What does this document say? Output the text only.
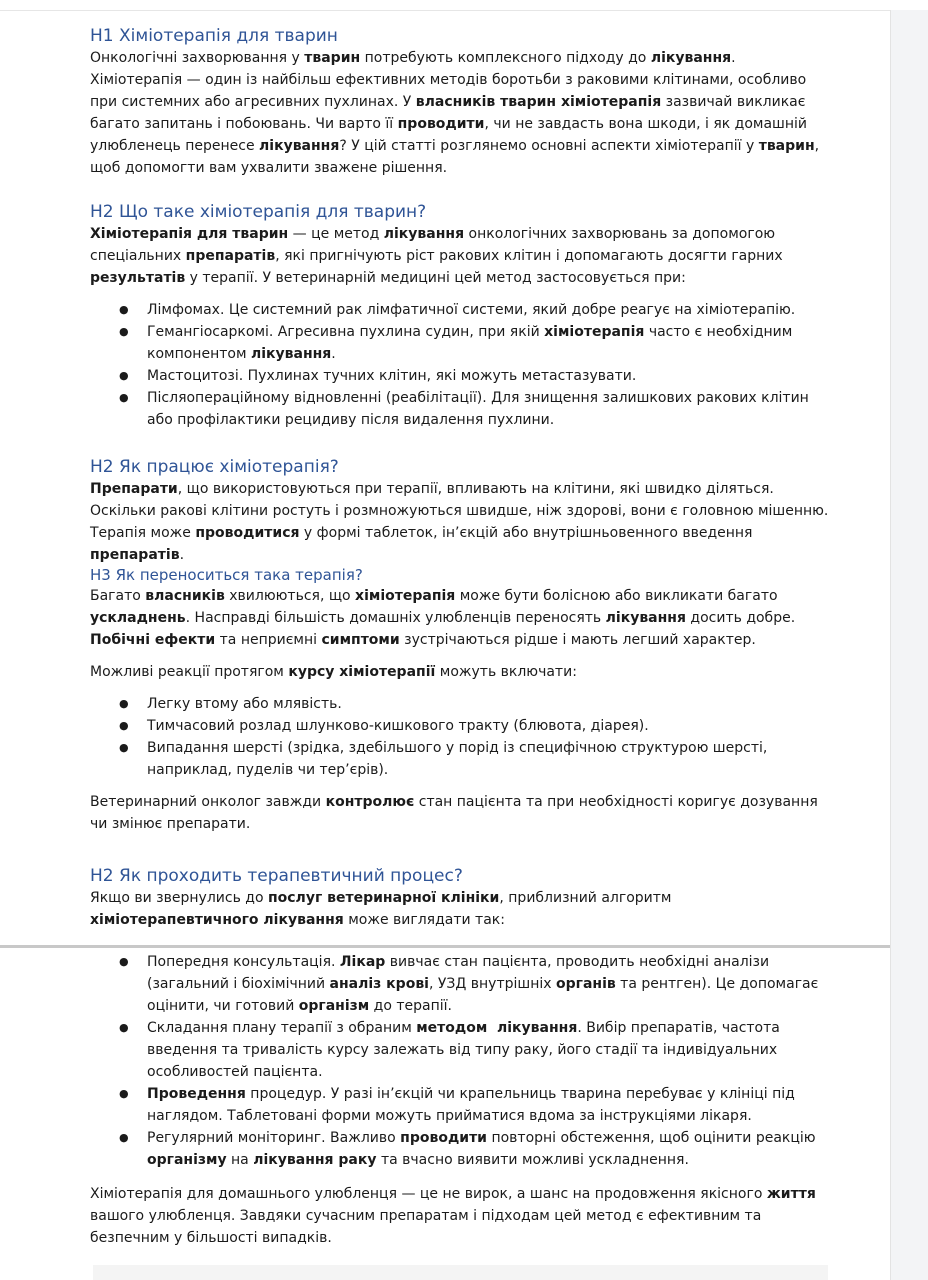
Н1 Хіміотерапія для тварин

Онкологічні захворювання у тварин потребують комплексного підходу до лікування. Хіміотерапія — один із найбільш ефективних методів боротьби з раковими клітинами, особливо при системних або агресивних пухлинах. У власників тварин хіміотерапія зазвичай викликає багато запитань і побоювань. Чи варто її проводити, чи не завдасть вона шкоди, і як домашній улюбленець перенесе лікування? У цій статті розглянемо основні аспекти хіміотерапії у тварин, щоб допомогти вам ухвалити зважене рішення.

Н2 Що таке хіміотерапія для тварин?

Хіміотерапія для тварин — це метод лікування онкологічних захворювань за допомогою спеціальних препаратів, які пригнічують ріст ракових клітин і допомагають досягти гарних результатів у терапії. У ветеринарній медицині цей метод застосовується при:

● Лімфомах. Це системний рак лімфатичної системи, який добре реагує на хіміотерапію.
● Гемангіосаркомі. Агресивна пухлина судин, при якій хіміотерапія часто є необхідним компонентом лікування.
● Мастоцитозі. Пухлинах тучних клітин, які можуть метастазувати.
● Післяопераційному відновленні (реабілітації). Для знищення залишкових ракових клітин або профілактики рецидиву після видалення пухлини.

Н2 Як працює хіміотерапія?

Препарати, що використовуються при терапії, впливають на клітини, які швидко діляться. Оскільки ракові клітини ростуть і розмножуються швидше, ніж здорові, вони є головною мішенню. Терапія може проводитися у формі таблеток, ін’єкцій або внутрішньовенного введення препаратів.

Н3 Як переноситься така терапія?

Багато власників хвилюються, що хіміотерапія може бути болісною або викликати багато ускладнень. Насправді більшість домашніх улюбленців переносять лікування досить добре. Побічні ефекти та неприємні симптоми зустрічаються рідше і мають легший характер.

Можливі реакції протягом курсу хіміотерапії можуть включати:

● Легку втому або млявість.
● Тимчасовий розлад шлунково-кишкового тракту (блювота, діарея).
● Випадання шерсті (зрідка, здебільшого у порід із специфічною структурою шерсті, наприклад, пуделів чи тер’єрів).

Ветеринарний онколог завжди контролює стан пацієнта та при необхідності коригує дозування чи змінює препарати.

Н2 Як проходить терапевтичний процес?

Якщо ви звернулись до послуг ветеринарної клініки, приблизний алгоритм хіміотерапевтичного лікування може виглядати так:

● Попередня консультація. Лікар вивчає стан пацієнта, проводить необхідні аналізи (загальний і біохімічний аналіз крові, УЗД внутрішніх органів та рентген). Це допомагає оцінити, чи готовий організм до терапії.
● Складання плану терапії з обраним методом  лікування. Вибір препаратів, частота введення та тривалість курсу залежать від типу раку, його стадії та індивідуальних особливостей пацієнта.
● Проведення процедур. У разі ін’єкцій чи крапельниць тварина перебуває у клініці під наглядом. Таблетовані форми можуть прийматися вдома за інструкціями лікаря.
● Регулярний моніторинг. Важливо проводити повторні обстеження, щоб оцінити реакцію організму на лікування раку та вчасно виявити можливі ускладнення.

Хіміотерапія для домашнього улюбленця — це не вирок, а шанс на продовження якісного життя вашого улюбленця. Завдяки сучасним препаратам і підходам цей метод є ефективним та безпечним у більшості випадків.
